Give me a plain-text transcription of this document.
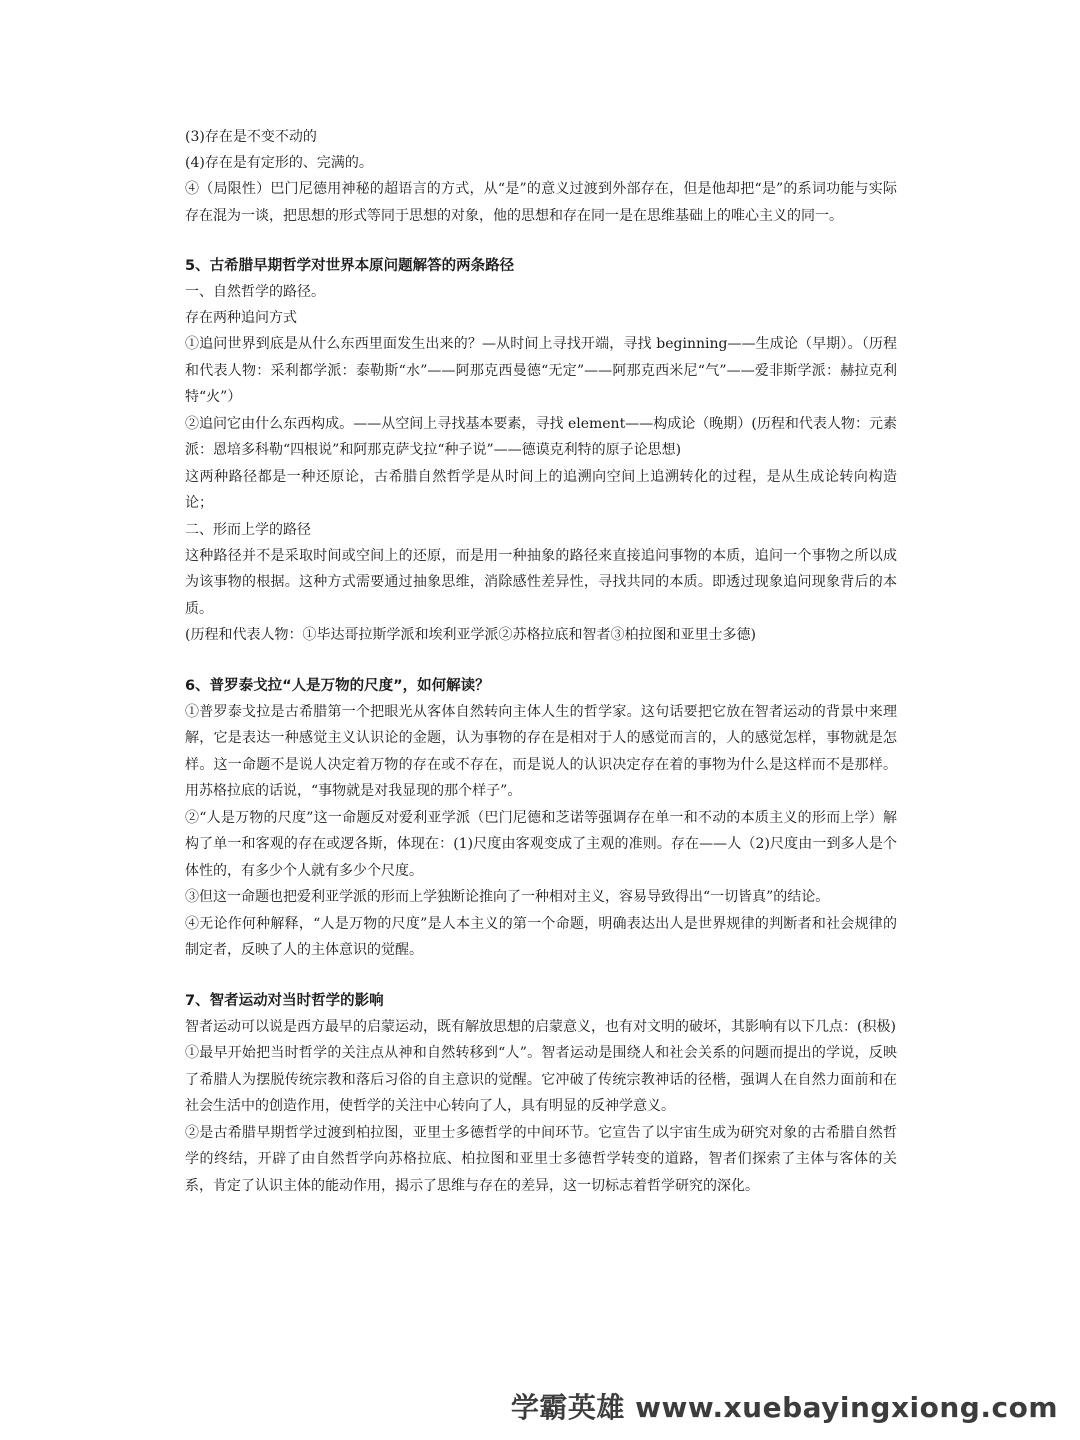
(3)存在是不变不动的

(4)存在是有定形的、完满的。

④（局限性）巴门尼德用神秘的超语言的方式，从“是”的意义过渡到外部存在，但是他却把“是”的系词功能与实际存在混为一谈，把思想的形式等同于思想的对象，他的思想和存在同一是在思维基础上的唯心主义的同一。

5、古希腊早期哲学对世界本原问题解答的两条路径

一、自然哲学的路径。

存在两种追问方式

①追问世界到底是从什么东西里面发生出来的？—从时间上寻找开端，寻找 beginning——生成论（早期）。（历程和代表人物：采利都学派：泰勒斯“水”——阿那克西曼德“无定”——阿那克西米尼“气”——爱非斯学派：赫拉克利特“火”）

②追问它由什么东西构成。——从空间上寻找基本要素，寻找 element——构成论（晚期）(历程和代表人物：元素派：恩培多科勒“四根说”和阿那克萨戈拉“种子说”——德谟克利特的原子论思想)

这两种路径都是一种还原论，古希腊自然哲学是从时间上的追溯向空间上追溯转化的过程，是从生成论转向构造论；

二、形而上学的路径

这种路径并不是采取时间或空间上的还原，而是用一种抽象的路径来直接追问事物的本质，追问一个事物之所以成为该事物的根据。这种方式需要通过抽象思维，消除感性差异性，寻找共同的本质。即透过现象追问现象背后的本质。

(历程和代表人物：①毕达哥拉斯学派和埃利亚学派②苏格拉底和智者③柏拉图和亚里士多德)

6、普罗泰戈拉“人是万物的尺度”，如何解读？

①普罗泰戈拉是古希腊第一个把眼光从客体自然转向主体人生的哲学家。这句话要把它放在智者运动的背景中来理解，它是表达一种感觉主义认识论的金题，认为事物的存在是相对于人的感觉而言的，人的感觉怎样，事物就是怎样。这一命题不是说人决定着万物的存在或不存在，而是说人的认识决定存在着的事物为什么是这样而不是那样。用苏格拉底的话说，“事物就是对我显现的那个样子”。

②“人是万物的尺度”这一命题反对爱利亚学派（巴门尼德和芝诺等强调存在单一和不动的本质主义的形而上学）解构了单一和客观的存在或逻各斯，体现在：(1)尺度由客观变成了主观的准则。存在——人（2)尺度由一到多人是个体性的，有多少个人就有多少个尺度。

③但这一命题也把爱利亚学派的形而上学独断论推向了一种相对主义，容易导致得出“一切皆真”的结论。

④无论作何种解释，“人是万物的尺度”是人本主义的第一个命题，明确表达出人是世界规律的判断者和社会规律的制定者，反映了人的主体意识的觉醒。

7、智者运动对当时哲学的影响

智者运动可以说是西方最早的启蒙运动，既有解放思想的启蒙意义，也有对文明的破坏，其影响有以下几点：(积极)

①最早开始把当时哲学的关注点从神和自然转移到“人”。智者运动是围绕人和社会关系的问题而提出的学说，反映了希腊人为摆脱传统宗教和落后习俗的自主意识的觉醒。它冲破了传统宗教神话的径楷，强调人在自然力面前和在社会生活中的创造作用，使哲学的关注中心转向了人，具有明显的反神学意义。

②是古希腊早期哲学过渡到柏拉图，亚里士多德哲学的中间环节。它宣告了以宇宙生成为研究对象的古希腊自然哲学的终结，开辟了由自然哲学向苏格拉底、柏拉图和亚里士多德哲学转变的道路，智者们探索了主体与客体的关系，肯定了认识主体的能动作用，揭示了思维与存在的差异，这一切标志着哲学研究的深化。

学霸英雄 www.xuebayingxiong.com
